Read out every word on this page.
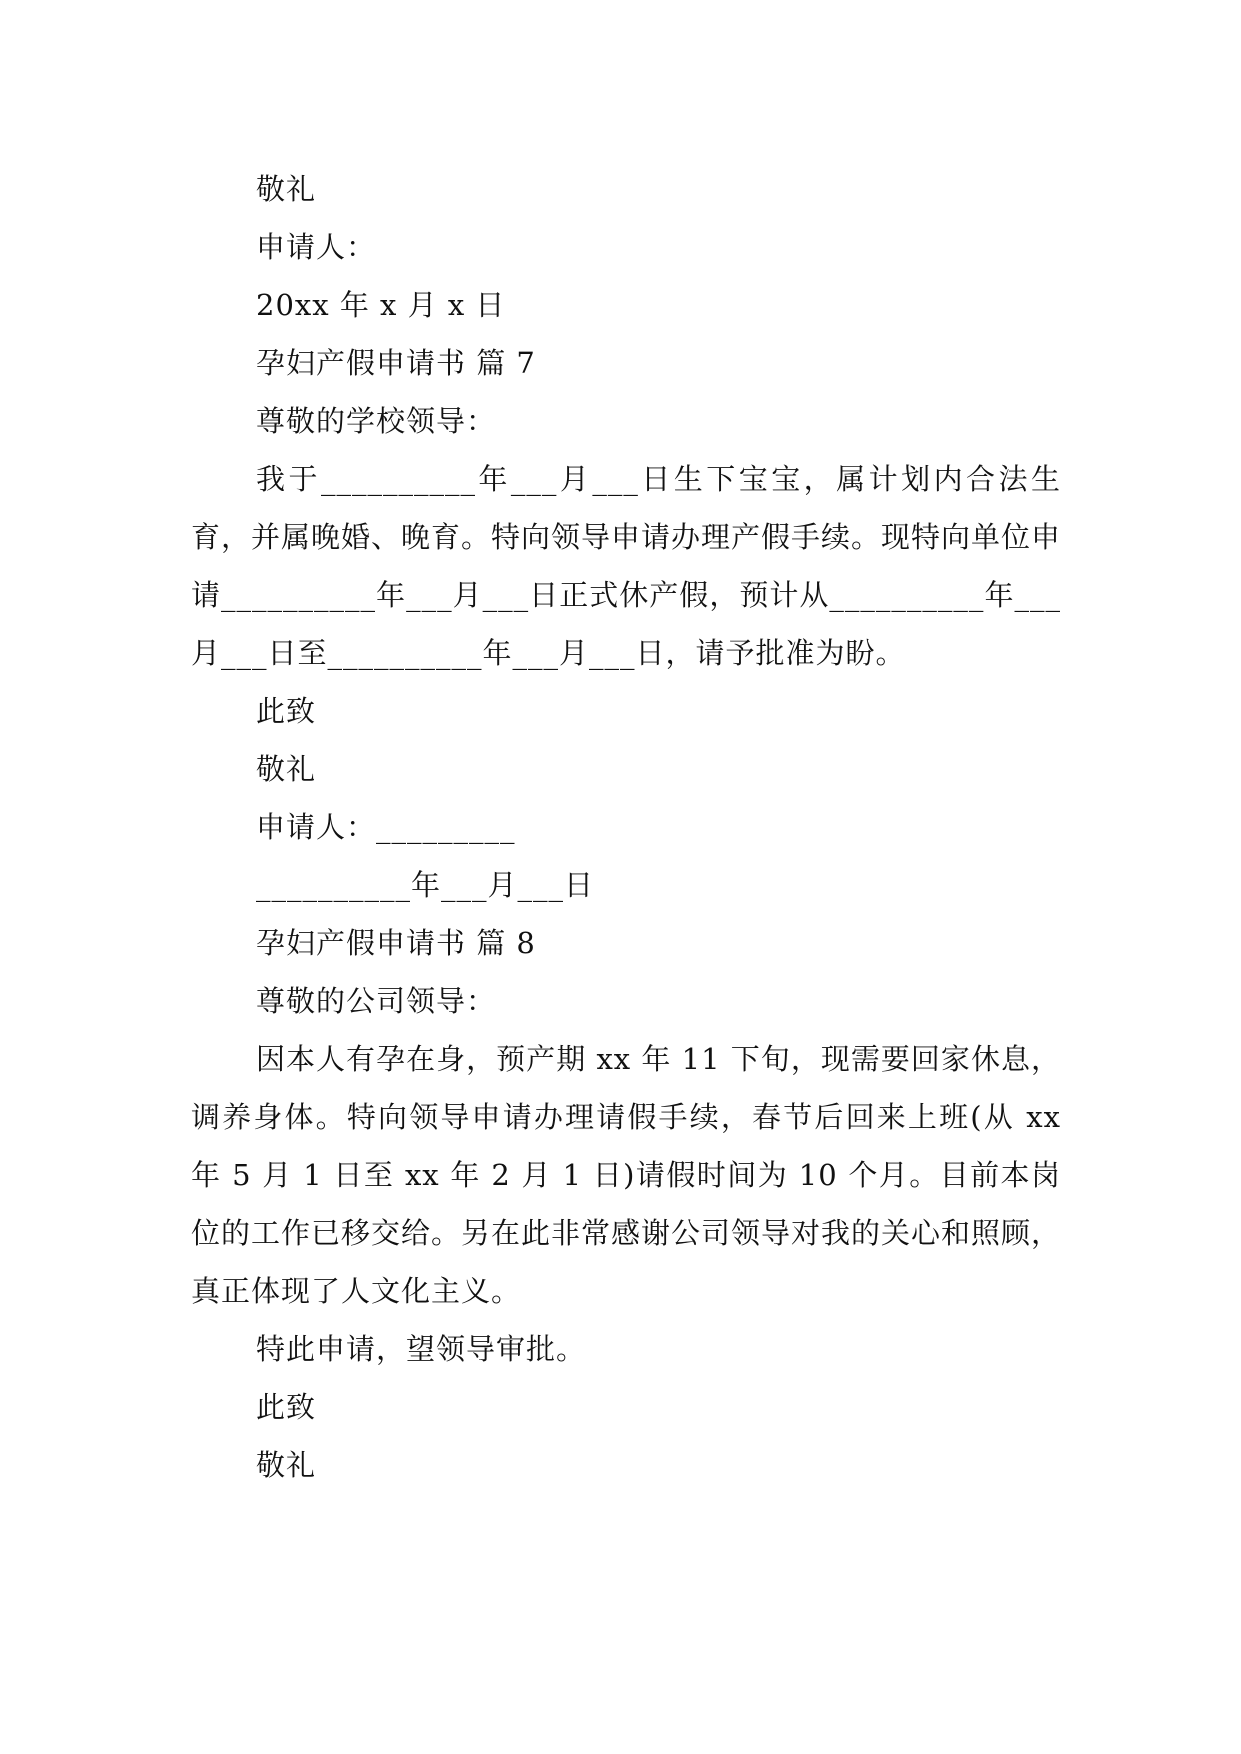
敬礼

申请人：

20xx 年 x 月 x 日

孕妇产假申请书 篇 7

尊敬的学校领导：

我于__________年___月___日生下宝宝，属计划内合法生育，并属晚婚、晚育。特向领导申请办理产假手续。现特向单位申请__________年___月___日正式休产假，预计从__________年___月___日至__________年___月___日，请予批准为盼。

此致

敬礼

申请人：_________

__________年___月___日

孕妇产假申请书 篇 8

尊敬的公司领导：

因本人有孕在身，预产期 xx 年 11 下旬，现需要回家休息，调养身体。特向领导申请办理请假手续，春节后回来上班(从 xx 年 5 月 1 日至 xx 年 2 月 1 日)请假时间为 10 个月。目前本岗位的工作已移交给。另在此非常感谢公司领导对我的关心和照顾，真正体现了人文化主义。

特此申请，望领导审批。

此致

敬礼
